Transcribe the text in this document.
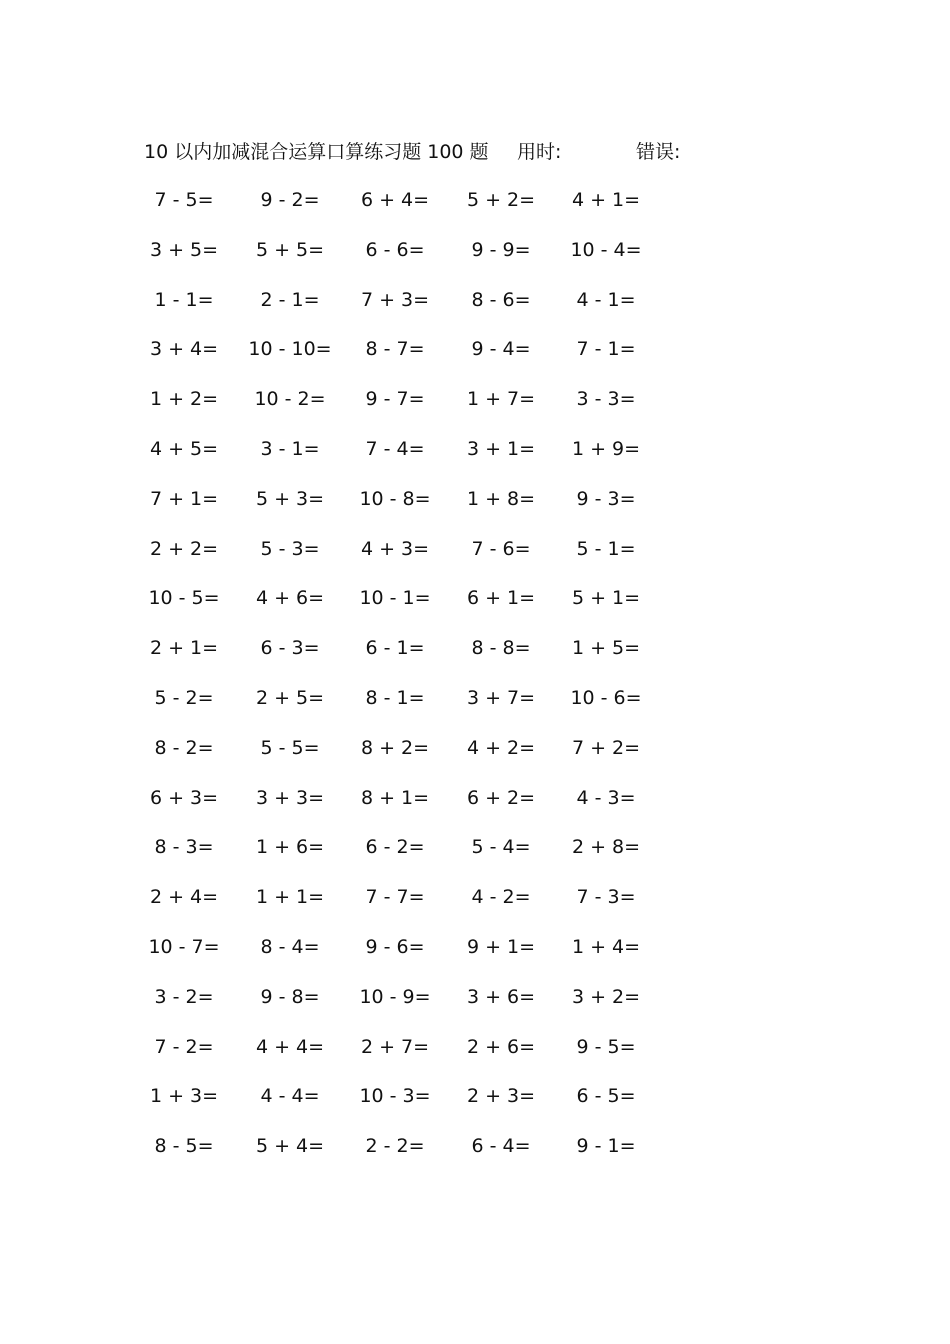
10 以内加减混合运算口算练习题 100 题 用时:	错误:
7 - 5=	9 - 2=	6 + 4=	5 + 2=	4 + 1=
3 + 5=	5 + 5=	6 - 6=	9 - 9=	10 - 4=
1 - 1=	2 - 1=	7 + 3=	8 - 6=	4 - 1=
3 + 4=	10 - 10=	8 - 7=	9 - 4=	7 - 1=
1 + 2=	10 - 2=	9 - 7=	1 + 7=	3 - 3=
4 + 5=	3 - 1=	7 - 4=	3 + 1=	1 + 9=
7 + 1=	5 + 3=	10 - 8=	1 + 8=	9 - 3=
2 + 2=	5 - 3=	4 + 3=	7 - 6=	5 - 1=
10 - 5=	4 + 6=	10 - 1=	6 + 1=	5 + 1=
2 + 1=	6 - 3=	6 - 1=	8 - 8=	1 + 5=
5 - 2=	2 + 5=	8 - 1=	3 + 7=	10 - 6=
8 - 2=	5 - 5=	8 + 2=	4 + 2=	7 + 2=
6 + 3=	3 + 3=	8 + 1=	6 + 2=	4 - 3=
8 - 3=	1 + 6=	6 - 2=	5 - 4=	2 + 8=
2 + 4=	1 + 1=	7 - 7=	4 - 2=	7 - 3=
10 - 7=	8 - 4=	9 - 6=	9 + 1=	1 + 4=
3 - 2=	9 - 8=	10 - 9=	3 + 6=	3 + 2=
7 - 2=	4 + 4=	2 + 7=	2 + 6=	9 - 5=
1 + 3=	4 - 4=	10 - 3=	2 + 3=	6 - 5=
8 - 5=	5 + 4=	2 - 2=	6 - 4=	9 - 1=
